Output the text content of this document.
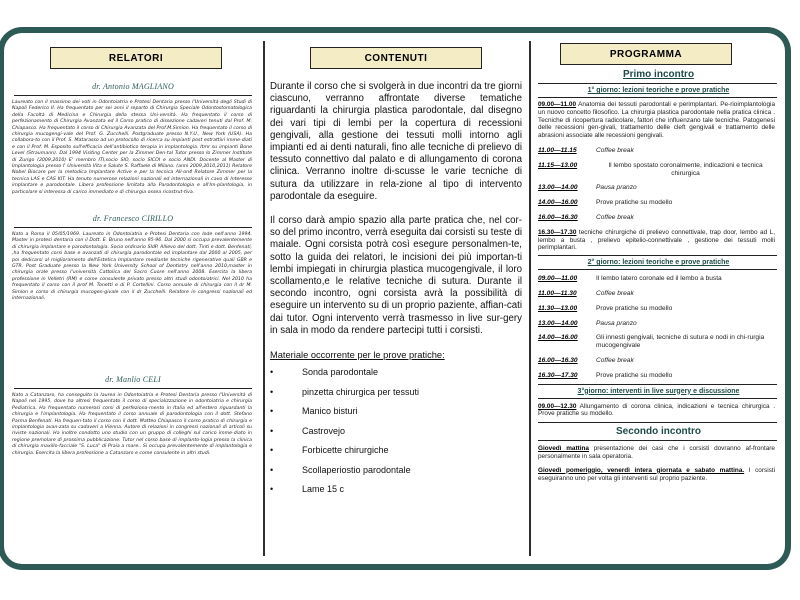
RELATORI
dr. Antonio MAGLIANO
Laureato con il massimo dei voti in Odontoiatria e Protesi Dentaria presso l'Università degli Studi di Napoli Federico II. Ha frequentato per sei anni il reparto di Chirurgia Speciale Odontostomatologica della Facoltà di Medicina e Chirurgia della stessa Uni-versità. Ha frequentato il corso di perfezionamento di Chirurgia Avanzata ed il Corso pratico di dissezione cadaveri tenuti dal Prof. M. Chiapasco. Ha frequentato il corso di Chirurgia Avanzata del Prof.M.Simion. Ha frequentato il corso di chirurgia mucogengi-vale del Prof. G. Zucchelli. Postgraduate presso N.Y.U., New York (USA). Ha collabora-to con il Prof. S. Matarasso ad un protocollo di ricerca su impianti post estrattivi imme-diati e con il Prof. M. Esposito sull'efficacia dell'antibiotico terapia in implantologia. Itmr su impianti Bone Level (Straumann). Dal 1994 Visiting Center per la Zimmer Den-tal Tutor presso lo Zimmer Institute di Zurigo (2009,2010) E' membro ITI,socio SIO, socio SICOI e socio ANDI. Docente al Master di Implantologia presso l' Università Vita e Salute S. Raffaele di Milano. (anni 2009,2010,2011) Relatore Nobel Biocare per la metodica Implantare Active e per la tecnica All-on4 Relatore Zimmer per la tecnica LAS e CAS KIT. Ha tenuto numerose relazioni nazionali ed internazionali in cavo di Interesse implantare e parodontale. Libera professione limitata alla Parodontologia e all'Im-plantologia, in particolare si interessa di carico immediato e di chirurgia ossea ricostrut-tiva.
dr. Francesco CIRILLO
Nato a Roma il 05/05/1969. Laureato in Odontoiatria e Protesi Dentaria con lode nell'anno 1994. Master in protesi dentaria con il Dott. E. Bruno nell'anno 95-96. Dal 2000 si occupa prevalentemente di chirurgia implantare e parodontologia. Socio ordinario SIdP. Allievo del dott. Tinti e dott. Benfenati, ,ha frequentato corsi base e avanzati di chirurgia parodontale ed implantare dal 2000 al 2005, per poi dedicarsi al miglioramento dell'Estetica Implantare mediante tecniche rigenerative quali GBR e GTR. Post Graduate presso la New York University School of Dentistry nell'anno 2010,master in chirurgia orale presso l'università Cattolica del Sacro Cuore nell'anno 2008. Esercita la libera professione in Velletri (RM) e come consulente privato presso altri studi odontoiatrici. Nel 2010 ha frequentato il corso con il prof M. Tonetti e di P. Cortellini. Corso annuale di chirurgia con il dr M. Simion e corso di chirurgia mucogen-givale con il dr Zucchelli. Relatore in congressi nazionali ed internazionali.
dr. Manlio CELI
Nato a Catanzaro, ha conseguito la laurea in Odontoiatria e Protesi Dentaria presso l'Università di Napoli nel 1995, dove ha altresì frequentato il corso di specializzazione in odontoiatria e chirurgia Pediatrica. Ha frequentato numerosi corsi di perfeziona-mento in Italia ed all'estero riguardanti la chirurgia e l'implantologia. Ha frequentato il corso annuale di parodontologia con il dott. Stefano Parma Benfenati. Ha frequen-tato il corso con il dott. Matteo Chiapasco il corso pratico di chirurgia e implantologia avan-zata su cadaveri a Vienna. Autore di relazioni in congressi nazionali di articoli su riviste nazionali. Ha inoltre condotto uno studio con un gruppo di colleghi sul carico imme-diato in regione premolare di prossima pubblicazione. Tutor nel corso base di implanto-logia presso la clinica di chirurgia maxillo-facciale "S. Luca" di Praia a mare.. Si occupa prevalentemente di implantologia e chirurgia. Esercita la libera professione a Catanzaro e come consulente in altri studi.
CONTENUTI
Durante il corso che si svolgerà in due incontri da tre giorni ciascuno, verranno affrontate diverse tematiche riguardanti la chirurgia plastica parodontale, dal disegno dei vari tipi di lembi per la copertura di recessioni gengivali, alla gestione dei tessuti molli intorno agli impianti ed ai denti naturali, fino alle tecniche di prelievo di tessuto connettivo dal palato e di allungamento di corona clinica. Verranno inoltre di-scusse le varie tecniche di sutura da utilizzare in rela-zione al tipo di intervento parodontale da eseguire.
Il corso darà ampio spazio alla parte pratica che, nel cor-so del primo incontro, verrà eseguita dai corsisti su teste di maiale. Ogni corsista potrà così esegure personalmen-te, sotto la guida dei relatori, le incisioni dei più importan-ti lembi impiegati in chirurgia plastica mucogengivale, il loro scollamento,e le relative tecniche di sutura. Durante il secondo incontro, ogni corsista avrà la possibilità di eseguire un intervento su di un proprio paziente, affian-cati dai tutor. Ogni intervento verrà trasmesso in live sur-gery in sala in modo da rendere partecipi tutti i corsisti.
Materiale occorrente per le prove pratiche:
•	Sonda parodontale
•	pinzetta chirurgica per tessuti
•	Manico bisturi
•	Castrovejo
•	Forbicette chirurgiche
•	Scollaperiostio parodontale
•	Lame 15 c
PROGRAMMA
Primo incontro
1° giorno: lezioni teoriche e prove pratiche
09.00—11.00 Anatomia dei tessuti parodontali e perimplantari. Pe-rioimplantologia un nuovo concetto filosofico. La chirurgia plastica parodontale nella pratica clinica . Tecniche di ricopertura radicolare, fattori che influenzano tale tecniche. Patogenesi delle recessioni gen-givali, trattamento delle cleft gengivali e trattamento delle abrasioni associate alle recessioni gengivali.
11.00—11.15	Coffee break
11.15—13.00	Il lembo spostato coronalmente, indicazioni e tecnica chirurgica
13.00—14.00	Pausa pranzo
14.00—16.00	Prove pratiche su modello
16.00—16.30	Coffee break
16.30—17.30 tecniche chirurgiche di prelievo connettivale, trap door, lembo ad L, lembo a busta , prelievo epitelio-connettivale , gestione dei tessuti molli perimplantari.
2° giorno: lezioni teoriche e prove pratiche
09.00—11.00	Il lembo latero coronale ed il lembo a busta
11.00—11.30	Coffee break
11.30—13.00	Prove pratiche su modello
13.00—14.00	Pausa pranzo
14.00—16.00	Gli innesti gengivali, tecniche di sutura e nodi in chi-rurgia mucogengivale
16.00—16.30	Coffee break
16.30—17.30	Prove pratiche su modello
3°giorno: interventi in live surgery e discussione
09.00—12.30 Allungamento di corona clinica, indicazioni e tecnica chirurgica . Prove pratiche su modello.
Secondo incontro
Giovedì mattina presentazione dei casi che i corsisti dovranno af-frontare personalmente in sala operatoria.
Giovedì pomeriggio, venerdì intera giornata e sabato mattina. I corsisti eseguiranno uno per volta gli interventi sul proprio paziente.
